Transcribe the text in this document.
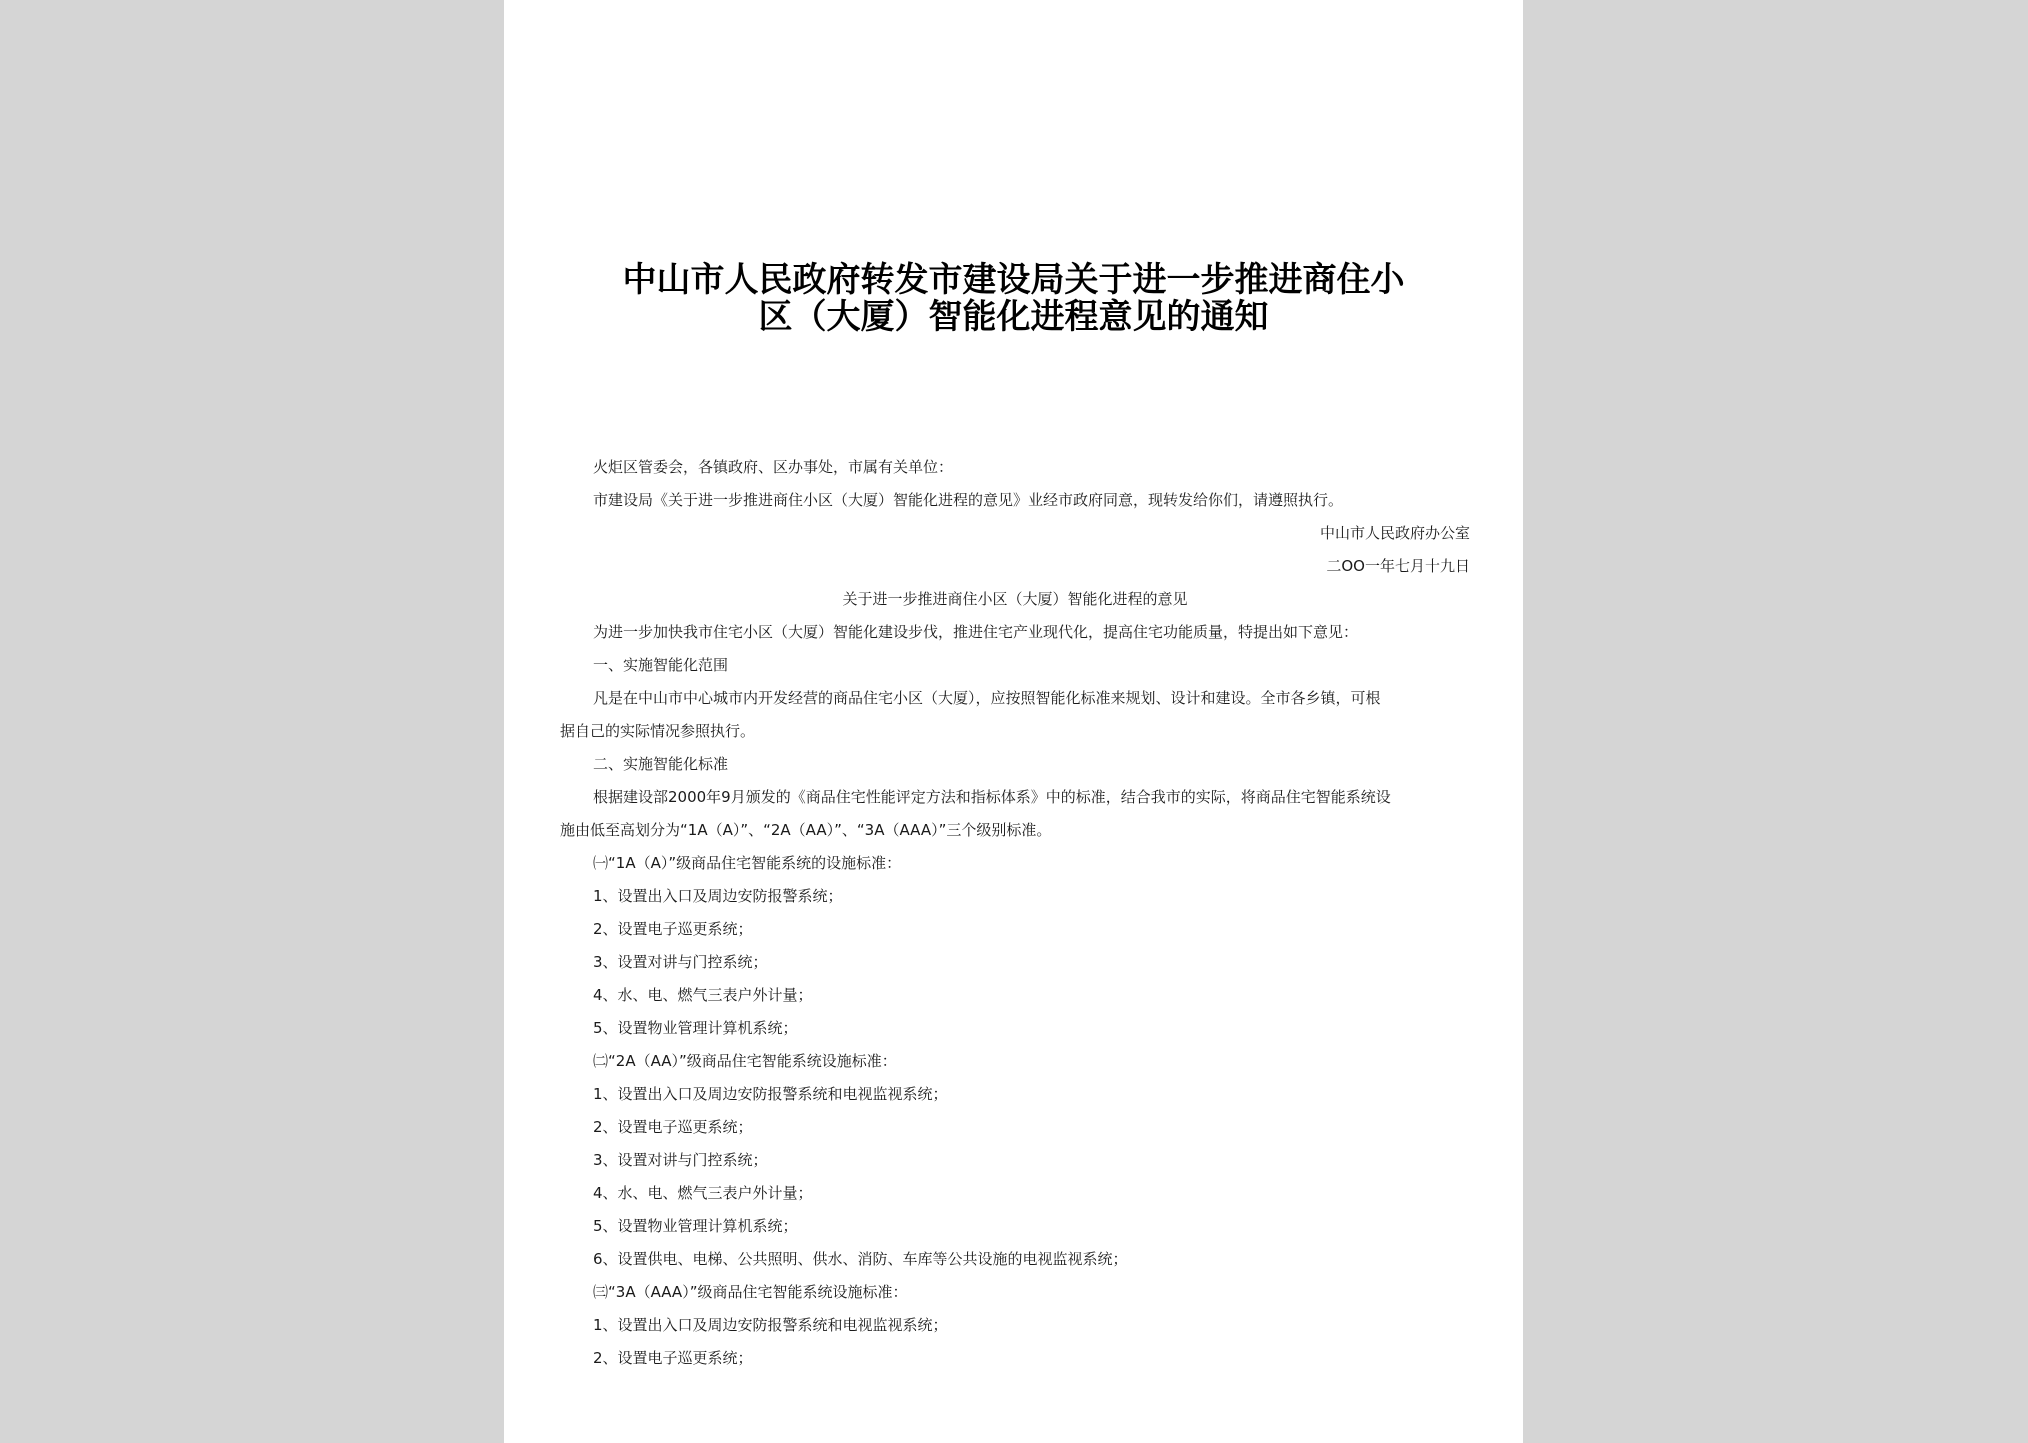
中山市人民政府转发市建设局关于进一步推进商住小
区（大厦）智能化进程意见的通知
火炬区管委会，各镇政府、区办事处，市属有关单位：
市建设局《关于进一步推进商住小区（大厦）智能化进程的意见》业经市政府同意，现转发给你们，请遵照执行。
中山市人民政府办公室
二OO一年七月十九日
关于进一步推进商住小区（大厦）智能化进程的意见
为进一步加快我市住宅小区（大厦）智能化建设步伐，推进住宅产业现代化，提高住宅功能质量，特提出如下意见：
一、实施智能化范围
凡是在中山市中心城市内开发经营的商品住宅小区（大厦），应按照智能化标准来规划、设计和建设。全市各乡镇，可根
据自己的实际情况参照执行。
二、实施智能化标准
根据建设部2000年9月颁发的《商品住宅性能评定方法和指标体系》中的标准，结合我市的实际，将商品住宅智能系统设
施由低至高划分为“1A（A）”、“2A（AA）”、“3A（AAA）”三个级别标准。
㈠“1A（A）”级商品住宅智能系统的设施标准：
1、设置出入口及周边安防报警系统；
2、设置电子巡更系统；
3、设置对讲与门控系统；
4、水、电、燃气三表户外计量；
5、设置物业管理计算机系统；
㈡“2A（AA）”级商品住宅智能系统设施标准：
1、设置出入口及周边安防报警系统和电视监视系统；
2、设置电子巡更系统；
3、设置对讲与门控系统；
4、水、电、燃气三表户外计量；
5、设置物业管理计算机系统；
6、设置供电、电梯、公共照明、供水、消防、车库等公共设施的电视监视系统；
㈢“3A（AAA）”级商品住宅智能系统设施标准：
1、设置出入口及周边安防报警系统和电视监视系统；
2、设置电子巡更系统；
